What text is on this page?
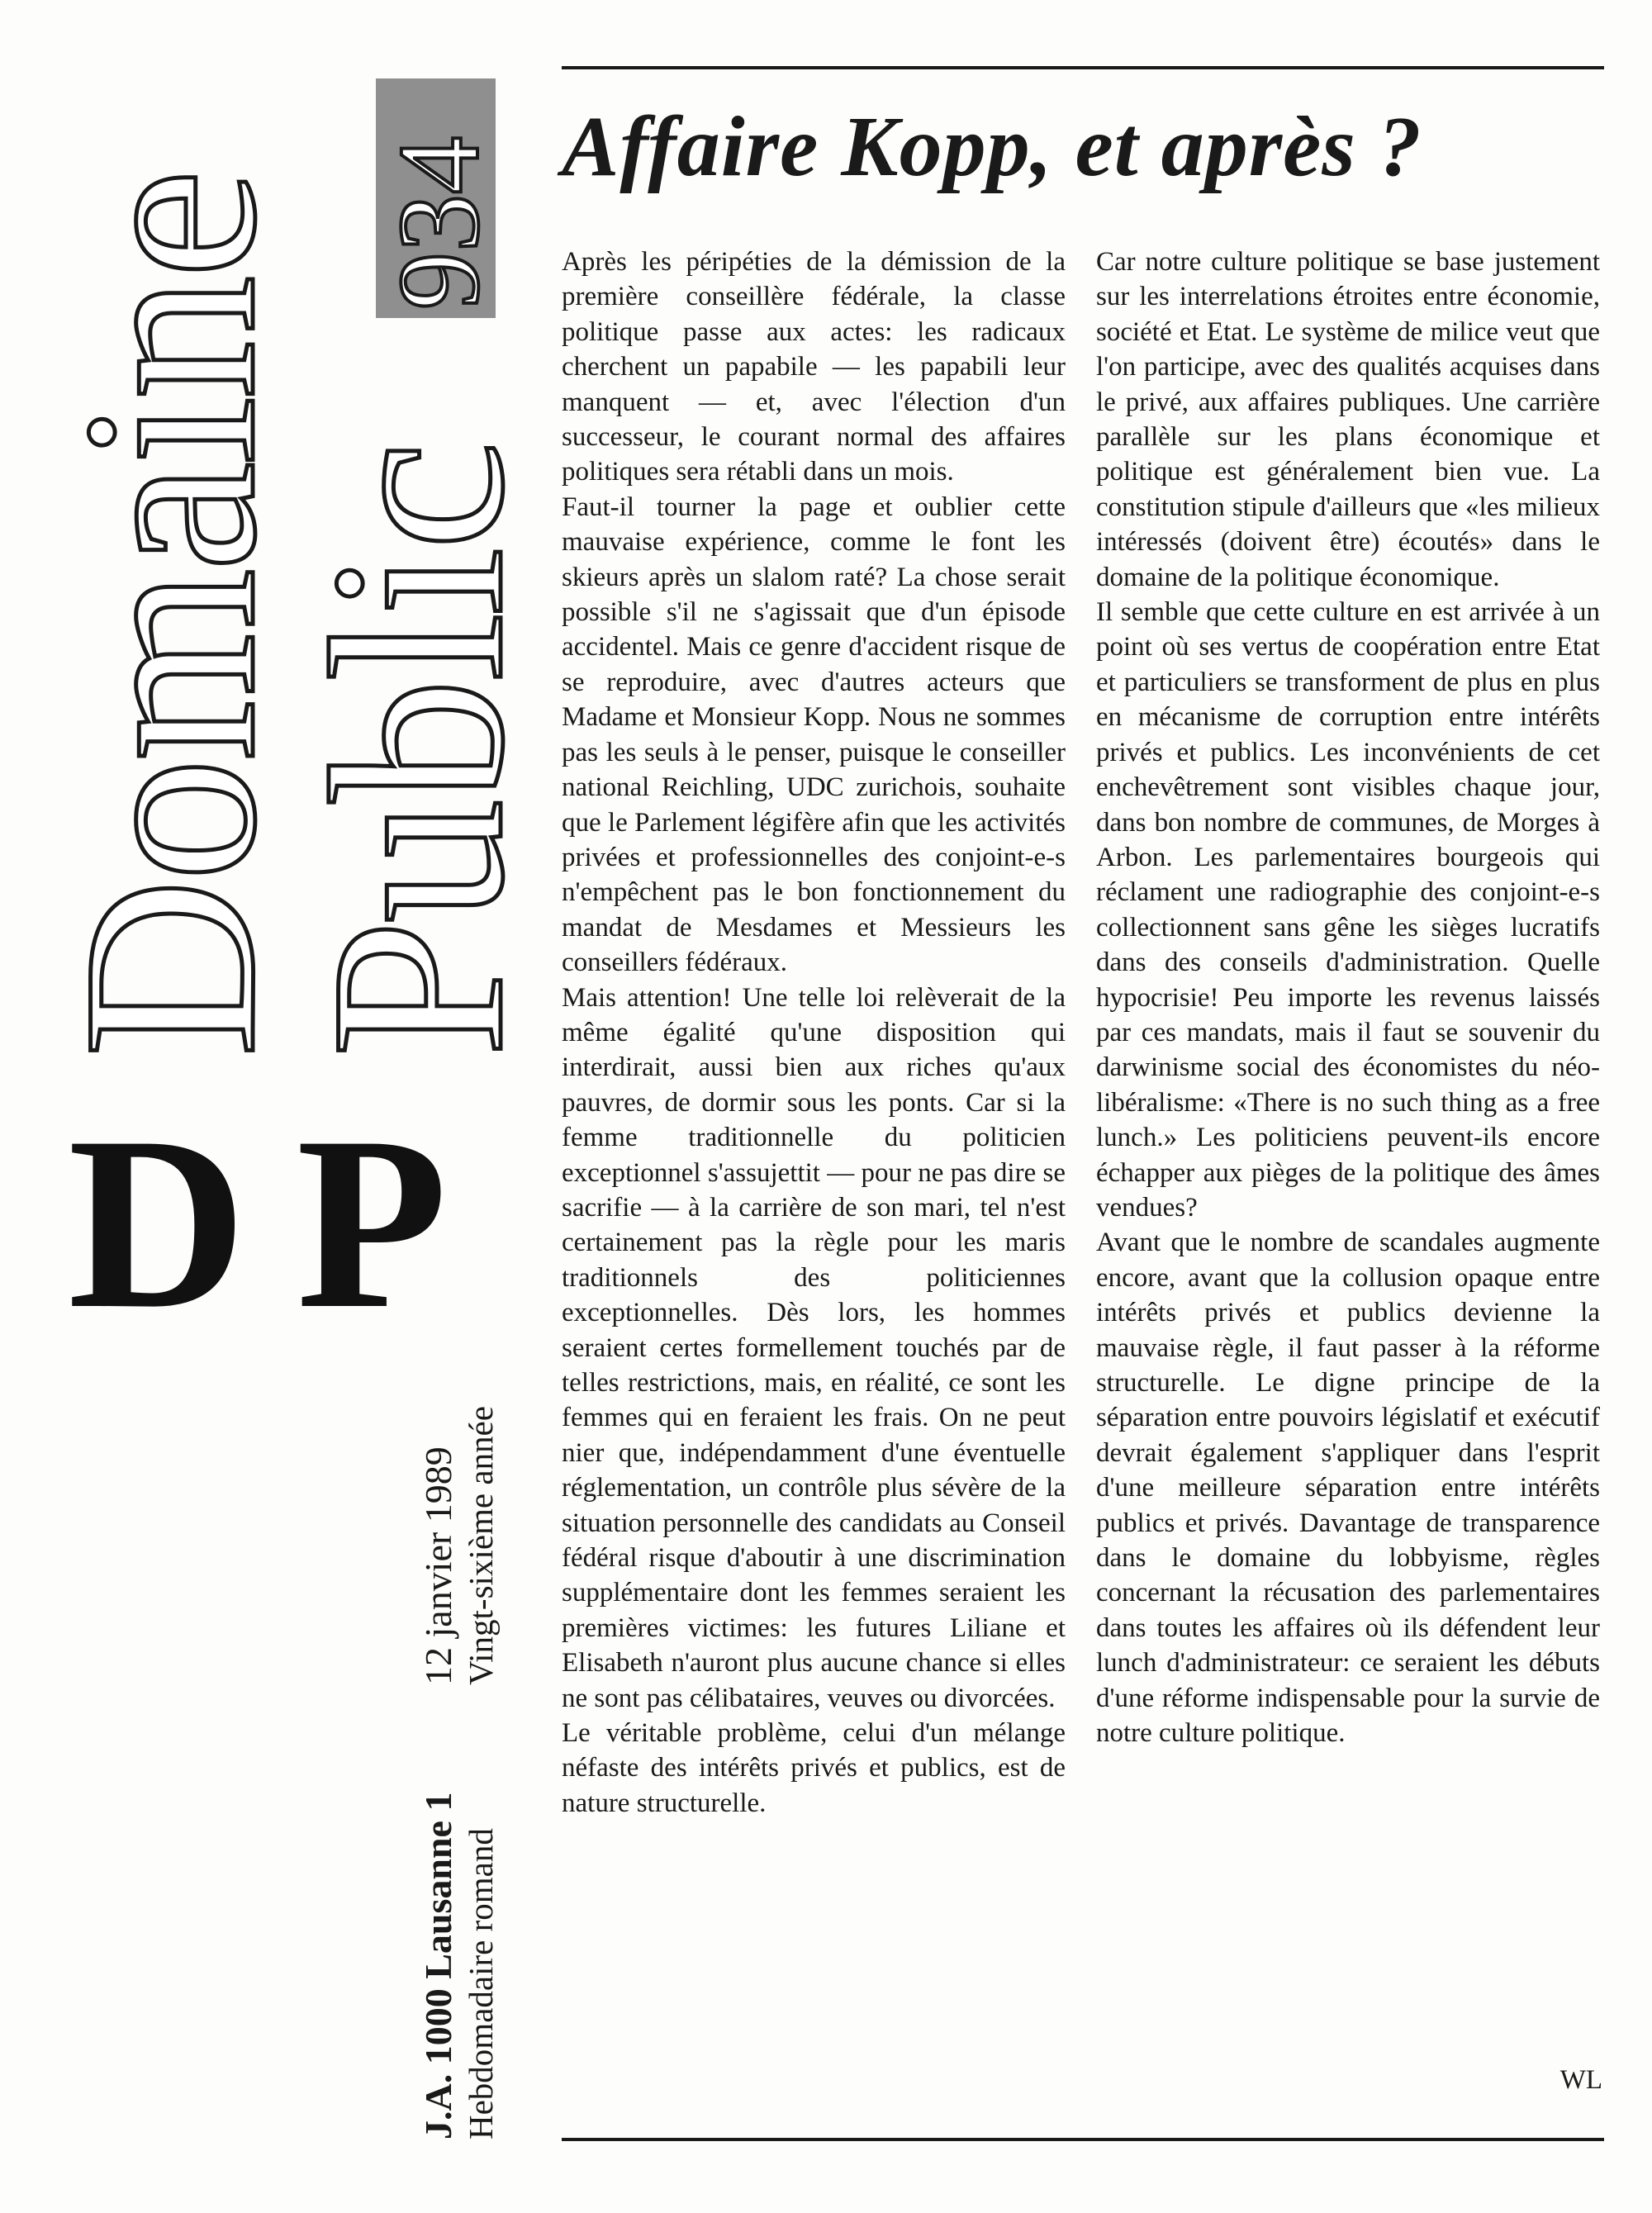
Domaine
Public
934
DP
J.A. 1000 Lausanne 1 Hebdomadaire romand
12 janvier 1989 Vingt-sixième année
Affaire Kopp, et après ?

Après les péripéties de la démission de la première conseillère fédérale, la classe politique passe aux actes: les radicaux cherchent un papabile — les papabili leur manquent — et, avec l'élection d'un successeur, le courant normal des affaires politiques sera rétabli dans un mois.

Faut-il tourner la page et oublier cette mauvaise expérience, comme le font les skieurs après un slalom raté? La chose serait possible s'il ne s'agissait que d'un épisode accidentel. Mais ce genre d'accident risque de se reproduire, avec d'autres acteurs que Madame et Monsieur Kopp. Nous ne sommes pas les seuls à le penser, puisque le conseiller national Reichling, UDC zurichois, souhaite que le Parlement légifère afin que les activités privées et professionnelles des conjoint-e-s n'empêchent pas le bon fonctionnement du mandat de Mesdames et Messieurs les conseillers fédéraux.

Mais attention! Une telle loi relèverait de la même égalité qu'une disposition qui interdirait, aussi bien aux riches qu'aux pauvres, de dormir sous les ponts. Car si la femme traditionnelle du politicien exceptionnel s'assujettit — pour ne pas dire se sacrifie — à la carrière de son mari, tel n'est certainement pas la règle pour les maris traditionnels des politiciennes exceptionnelles. Dès lors, les hommes seraient certes formellement touchés par de telles restrictions, mais, en réalité, ce sont les femmes qui en feraient les frais. On ne peut nier que, indépendamment d'une éventuelle réglementation, un contrôle plus sévère de la situation personnelle des candidats au Conseil fédéral risque d'aboutir à une discrimination supplémentaire dont les femmes seraient les premières victimes: les futures Liliane et Elisabeth n'auront plus aucune chance si elles ne sont pas célibataires, veuves ou divorcées.

Le véritable problème, celui d'un mélange néfaste des intérêts privés et publics, est de nature structurelle.

Car notre culture politique se base justement sur les interrelations étroites entre économie, société et Etat. Le système de milice veut que l'on participe, avec des qualités acquises dans le privé, aux affaires publiques. Une carrière parallèle sur les plans économique et politique est généralement bien vue. La constitution stipule d'ailleurs que «les milieux intéressés (doivent être) écoutés» dans le domaine de la politique économique.

Il semble que cette culture en est arrivée à un point où ses vertus de coopération entre Etat et particuliers se transforment de plus en plus en mécanisme de corruption entre intérêts privés et publics. Les inconvénients de cet enchevêtrement sont visibles chaque jour, dans bon nombre de communes, de Morges à Arbon. Les parlementaires bourgeois qui réclament une radiographie des conjoint-e-s collectionnent sans gêne les sièges lucratifs dans des conseils d'administration. Quelle hypocrisie! Peu importe les revenus laissés par ces mandats, mais il faut se souvenir du darwinisme social des économistes du néo-libéralisme: «There is no such thing as a free lunch.» Les politiciens peuvent-ils encore échapper aux pièges de la politique des âmes vendues?

Avant que le nombre de scandales augmente encore, avant que la collusion opaque entre intérêts privés et publics devienne la mauvaise règle, il faut passer à la réforme structurelle. Le digne principe de la séparation entre pouvoirs législatif et exécutif devrait également s'appliquer dans l'esprit d'une meilleure séparation entre intérêts publics et privés. Davantage de transparence dans le domaine du lobbyisme, règles concernant la récusation des parlementaires dans toutes les affaires où ils défendent leur lunch d'administrateur: ce seraient les débuts d'une réforme indispensable pour la survie de notre culture politique.

WL
